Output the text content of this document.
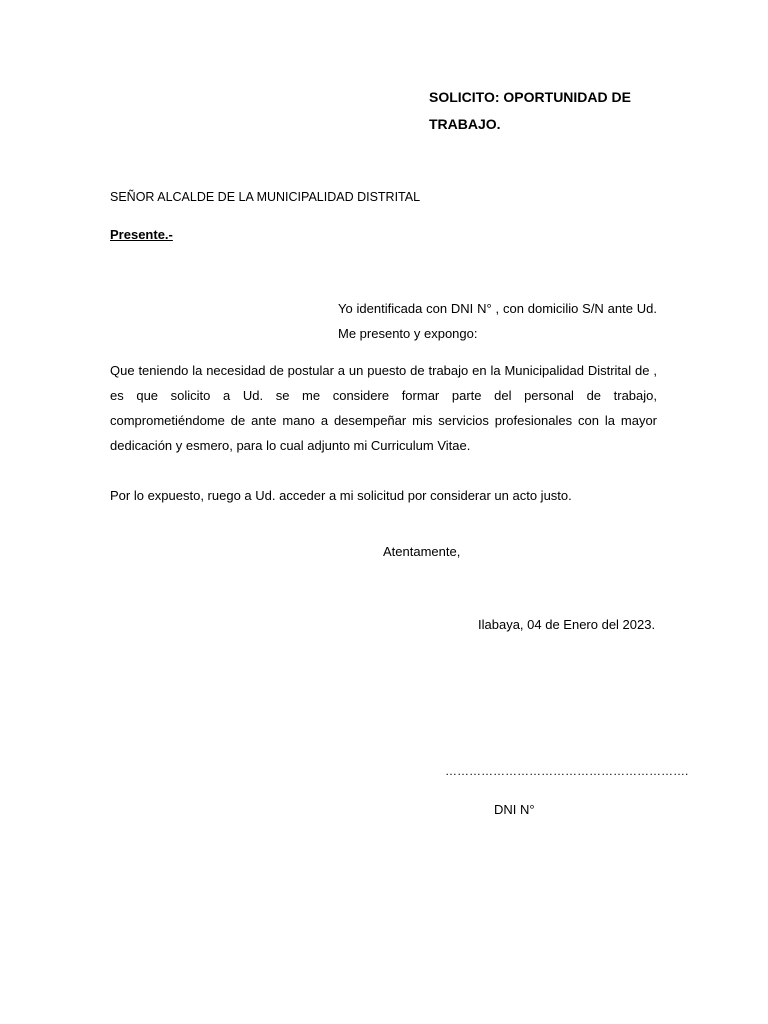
SOLICITO: OPORTUNIDAD DE TRABAJO.

SEÑOR ALCALDE DE LA MUNICIPALIDAD DISTRITAL

Presente.-

Yo identificada con DNI N° , con domicilio S/N ante Ud. Me presento y expongo:

Que teniendo la necesidad de postular a un puesto de trabajo en la Municipalidad Distrital de , es que solicito a Ud. se me considere formar parte del personal de trabajo, comprometiéndome de ante mano a desempeñar mis servicios profesionales con la mayor dedicación y esmero, para lo cual adjunto mi Curriculum Vitae.

Por lo expuesto, ruego a Ud. acceder a mi solicitud por considerar un acto justo.

Atentamente,

Ilabaya, 04 de Enero del 2023.

…………………………………………………….

DNI N°
